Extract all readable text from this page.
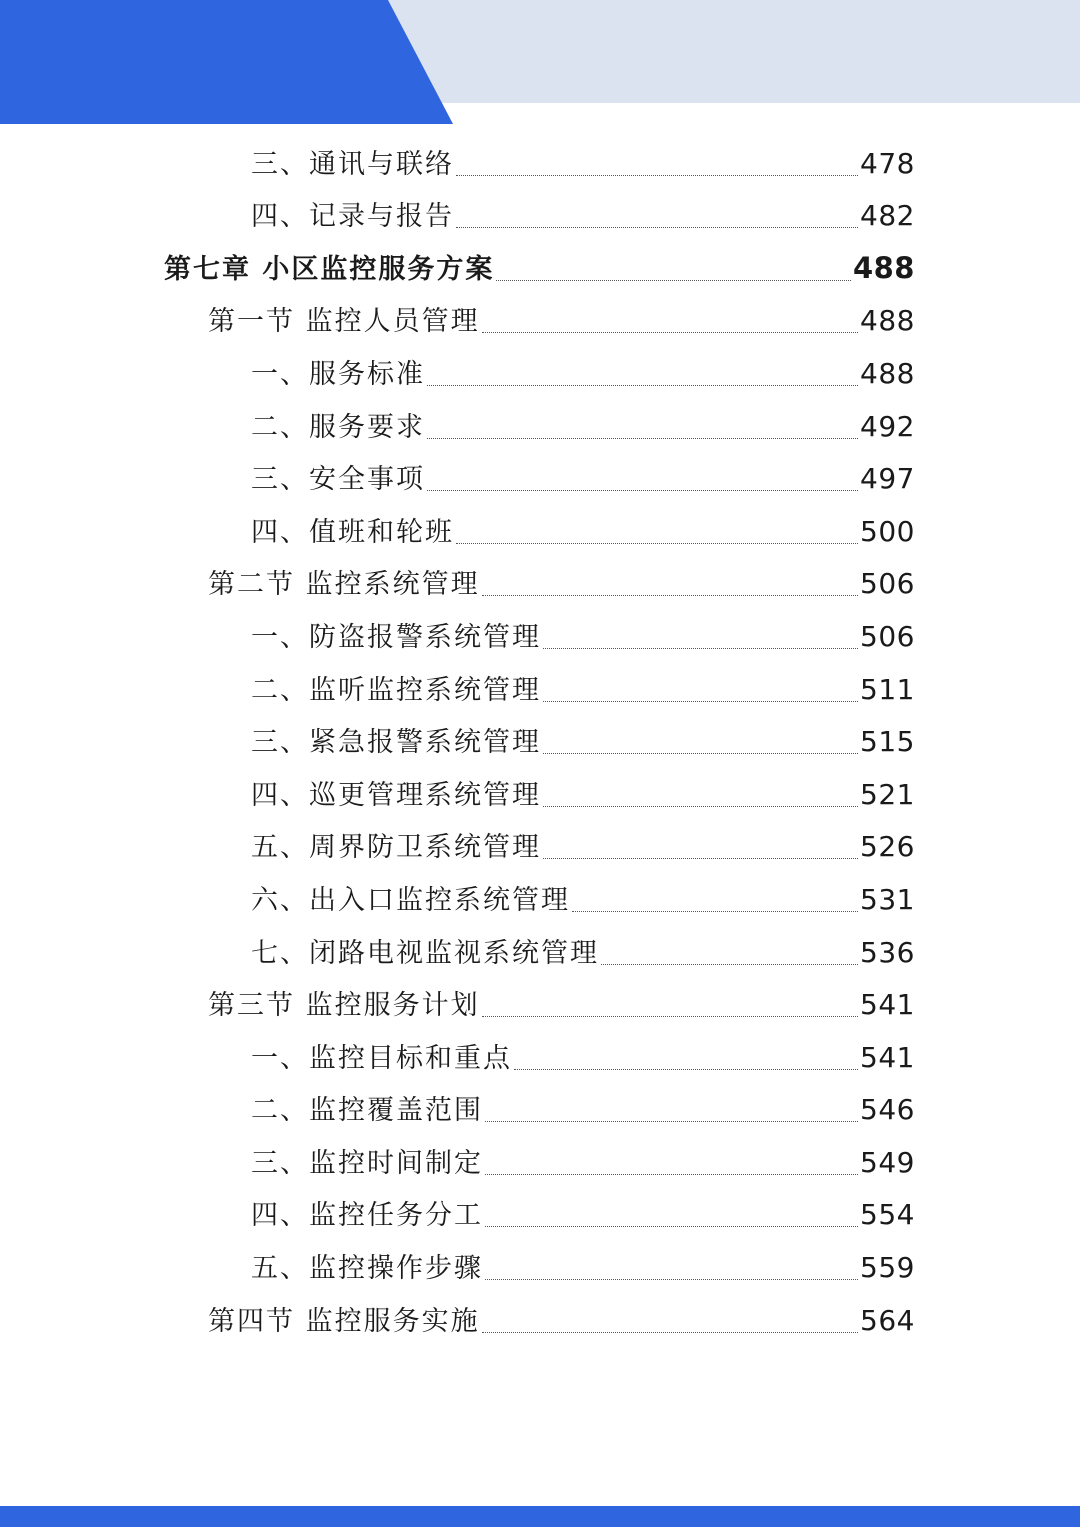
三、通讯与联络	478
四、记录与报告	482
第七章 小区监控服务方案	488
第一节 监控人员管理	488
一、服务标准	488
二、服务要求	492
三、安全事项	497
四、值班和轮班	500
第二节 监控系统管理	506
一、防盗报警系统管理	506
二、监听监控系统管理	511
三、紧急报警系统管理	515
四、巡更管理系统管理	521
五、周界防卫系统管理	526
六、出入口监控系统管理	531
七、闭路电视监视系统管理	536
第三节 监控服务计划	541
一、监控目标和重点	541
二、监控覆盖范围	546
三、监控时间制定	549
四、监控任务分工	554
五、监控操作步骤	559
第四节 监控服务实施	564
